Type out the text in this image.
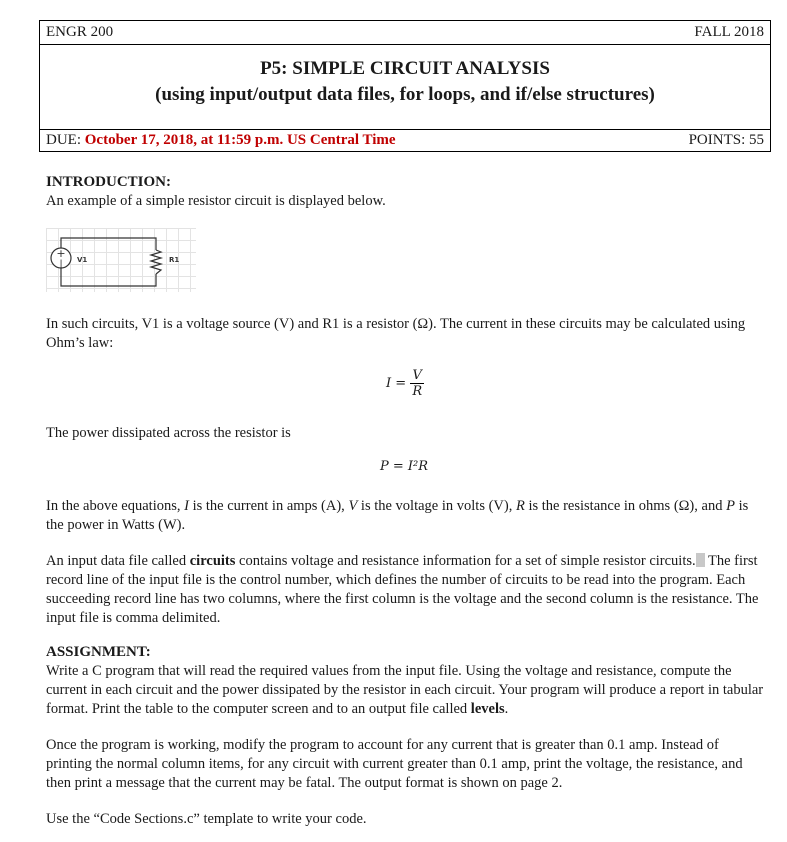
ENGR 200	FALL 2018
P5: SIMPLE CIRCUIT ANALYSIS
(using input/output data files, for loops, and if/else structures)
DUE: October 17, 2018, at 11:59 p.m. US Central Time	POINTS: 55
INTRODUCTION:

An example of a simple resistor circuit is displayed below.

+
| V1	R1

In such circuits, V1 is a voltage source (V) and R1 is a resistor (Ω). The current in these circuits may be calculated using Ohm’s law:

$I = \frac{V}{R}$

The power dissipated across the resistor is

P = I²R

In the above equations, I is the current in amps (A), V is the voltage in volts (V), R is the resistance in ohms (Ω), and P is the power in Watts (W).

An input data file called circuits contains voltage and resistance information for a set of simple resistor circuits. The first record line of the input file is the control number, which defines the number of circuits to be read into the program. Each succeeding record line has two columns, where the first column is the voltage and the second column is the resistance. The input file is comma delimited.

ASSIGNMENT:

Write a C program that will read the required values from the input file. Using the voltage and resistance, compute the current in each circuit and the power dissipated by the resistor in each circuit. Your program will produce a report in tabular format. Print the table to the computer screen and to an output file called levels.

Once the program is working, modify the program to account for any current that is greater than 0.1 amp. Instead of printing the normal column items, for any circuit with current greater than 0.1 amp, print the voltage, the resistance, and then print a message that the current may be fatal. The output format is shown on page 2.

Use the “Code Sections.c” template to write your code.
